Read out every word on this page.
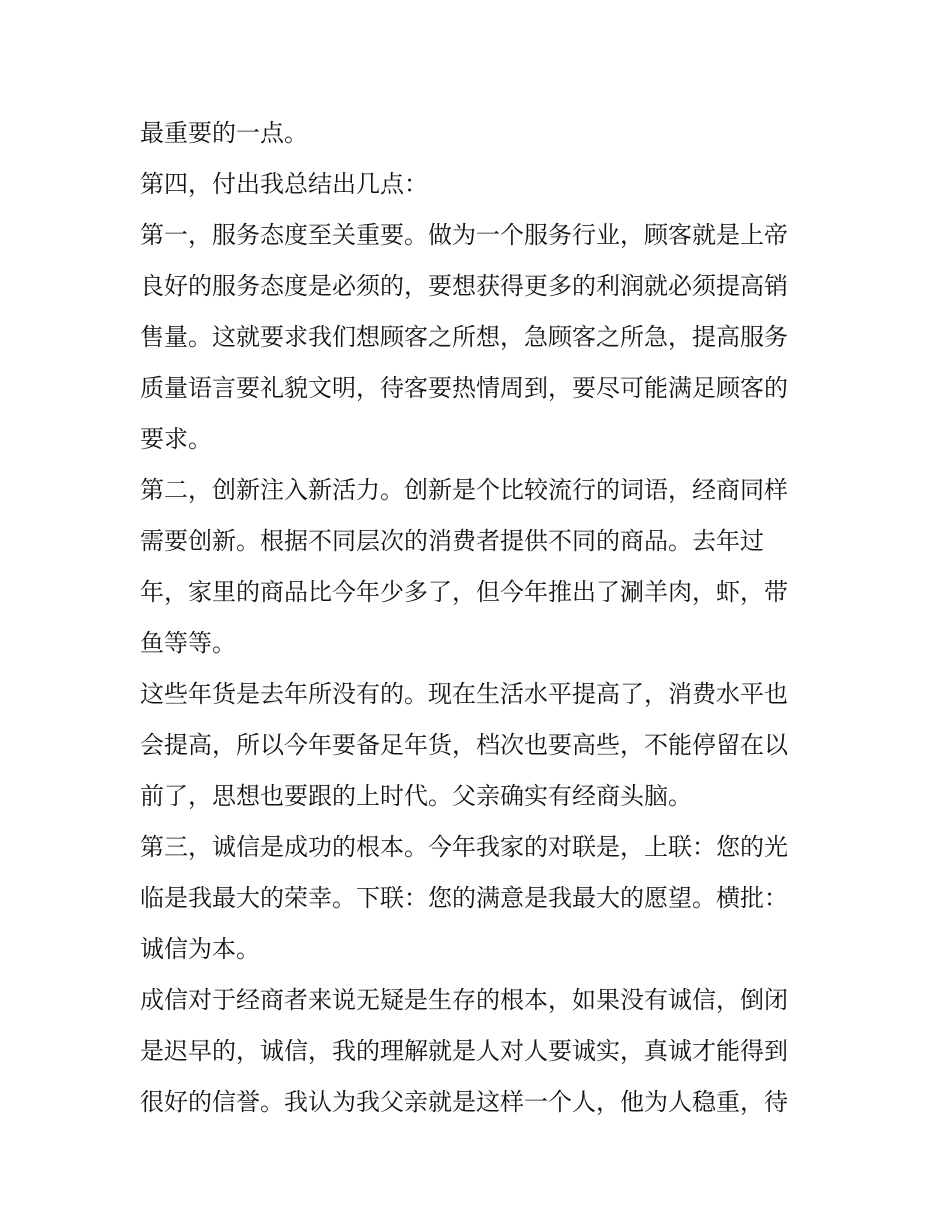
最重要的一点。
第四，付出我总结出几点：
第一，服务态度至关重要。做为一个服务行业，顾客就是上帝
良好的服务态度是必须的，要想获得更多的利润就必须提高销
售量。这就要求我们想顾客之所想，急顾客之所急，提高服务
质量语言要礼貌文明，待客要热情周到，要尽可能满足顾客的
要求。
第二，创新注入新活力。创新是个比较流行的词语，经商同样
需要创新。根据不同层次的消费者提供不同的商品。去年过
年，家里的商品比今年少多了，但今年推出了涮羊肉，虾，带
鱼等等。
这些年货是去年所没有的。现在生活水平提高了，消费水平也
会提高，所以今年要备足年货，档次也要高些，不能停留在以
前了，思想也要跟的上时代。父亲确实有经商头脑。
第三，诚信是成功的根本。今年我家的对联是，上联：您的光
临是我最大的荣幸。下联：您的满意是我最大的愿望。横批：
诚信为本。
成信对于经商者来说无疑是生存的根本，如果没有诚信，倒闭
是迟早的，诚信，我的理解就是人对人要诚实，真诚才能得到
很好的信誉。我认为我父亲就是这样一个人，他为人稳重，待
